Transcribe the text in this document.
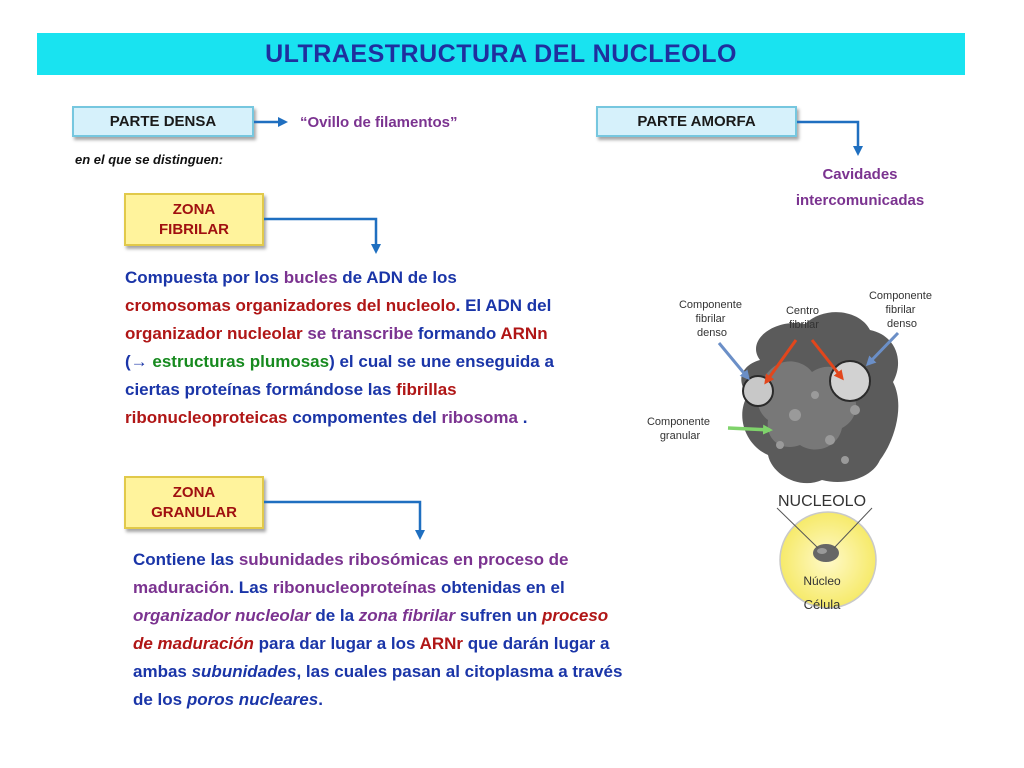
ULTRAESTRUCTURA DEL NUCLEOLO
PARTE DENSA	“Ovillo de filamentos”
en el que se distinguen:
PARTE AMORFA
Cavidades
intercomunicadas
ZONA
FIBRILAR
Compuesta por los bucles de ADN de los
cromosomas organizadores del nucleolo. El ADN del
organizador nucleolar se transcribe formando ARNn
(→ estructuras plumosas) el cual se une enseguida a
ciertas proteínas formándose las fibrillas
ribonucleoproteicas compomentes del ribosoma .
ZONA
GRANULAR
Contiene las subunidades ribosómicas en proceso de
maduración. Las ribonucleoproteínas obtenidas en el
organizador nucleolar de la zona fibrilar sufren un proceso
de maduración para dar lugar a los ARNr que darán lugar a
ambas subunidades, las cuales pasan al citoplasma a través
de los poros nucleares.
Componente fibrilar denso
Centro fibrilar
Componente fibrilar denso
Componente granular
NUCLEOLO
Núcleo
Célula
